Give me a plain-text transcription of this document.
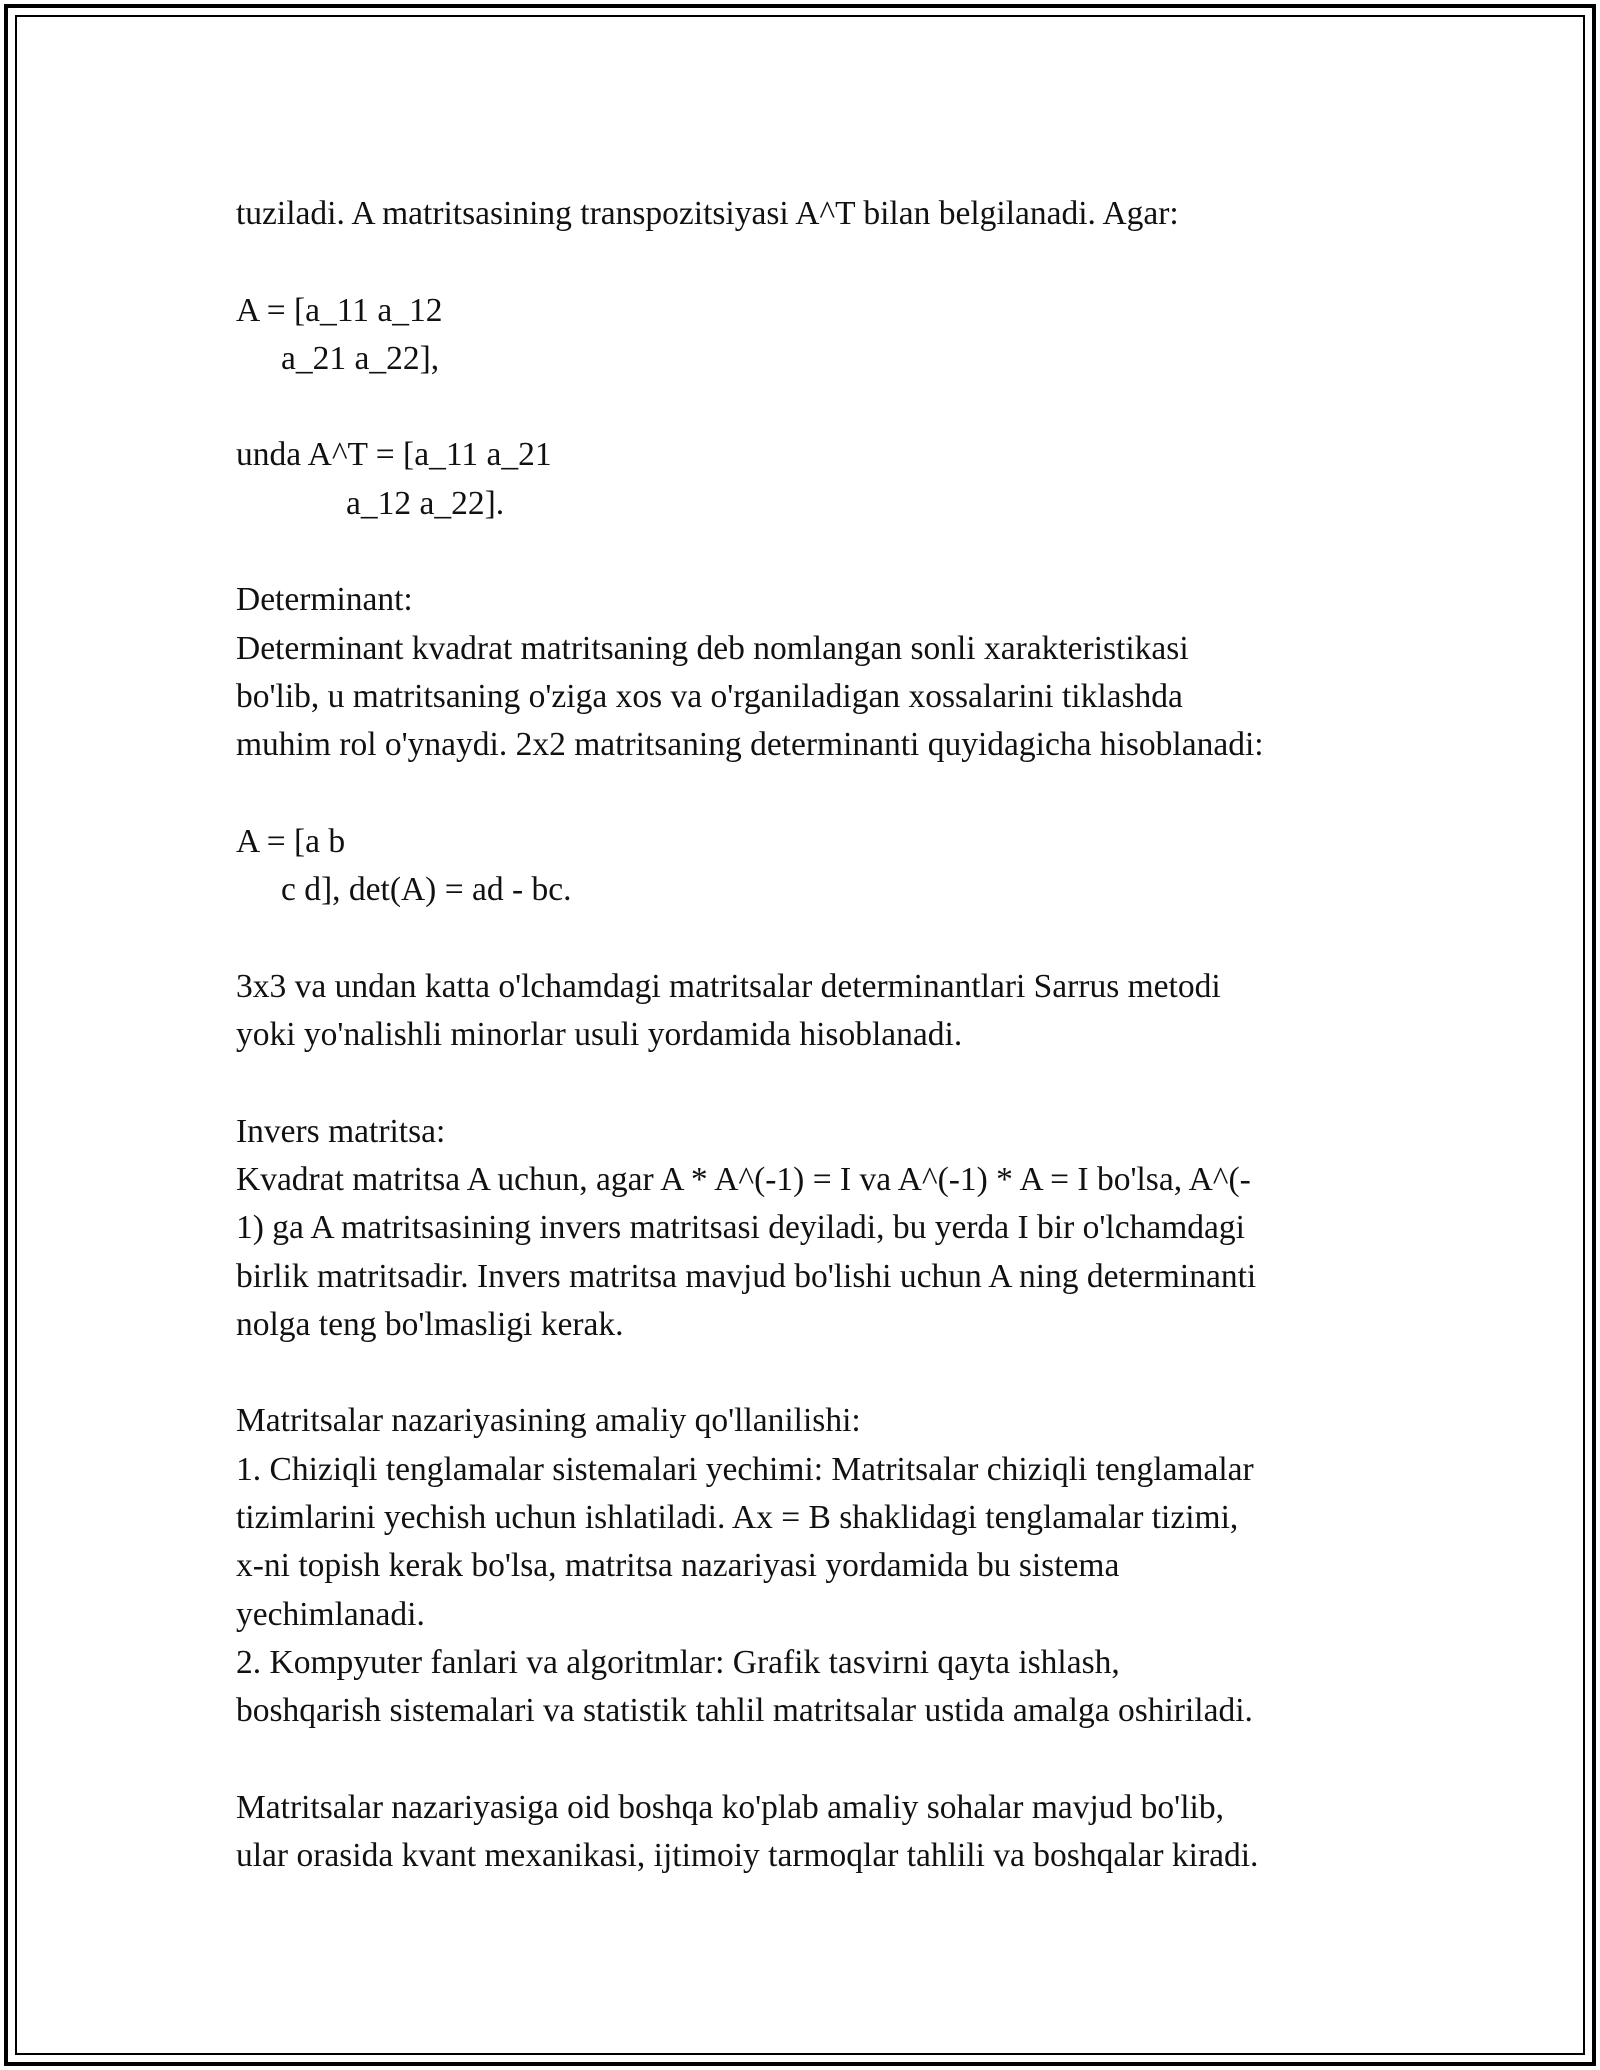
tuziladi. A matritsasining transpozitsiyasi A^T bilan belgilanadi. Agar:
A = [a_11 a_12
a_21 a_22],
unda A^T = [a_11 a_21
a_12 a_22].
Determinant:
Determinant kvadrat matritsaning deb nomlangan sonli xarakteristikasi
bo'lib, u matritsaning o'ziga xos va o'rganiladigan xossalarini tiklashda
muhim rol o'ynaydi. 2x2 matritsaning determinanti quyidagicha hisoblanadi:
A = [a b
c d], det(A) = ad - bc.
3x3 va undan katta o'lchamdagi matritsalar determinantlari Sarrus metodi
yoki yo'nalishli minorlar usuli yordamida hisoblanadi.
Invers matritsa:
Kvadrat matritsa A uchun, agar A * A^(-1) = I va A^(-1) * A = I bo'lsa, A^(-
1) ga A matritsasining invers matritsasi deyiladi, bu yerda I bir o'lchamdagi
birlik matritsadir. Invers matritsa mavjud bo'lishi uchun A ning determinanti
nolga teng bo'lmasligi kerak.
Matritsalar nazariyasining amaliy qo'llanilishi:
1. Chiziqli tenglamalar sistemalari yechimi: Matritsalar chiziqli tenglamalar
tizimlarini yechish uchun ishlatiladi. Ax = B shaklidagi tenglamalar tizimi,
x-ni topish kerak bo'lsa, matritsa nazariyasi yordamida bu sistema
yechimlanadi.
2. Kompyuter fanlari va algoritmlar: Grafik tasvirni qayta ishlash,
boshqarish sistemalari va statistik tahlil matritsalar ustida amalga oshiriladi.
Matritsalar nazariyasiga oid boshqa ko'plab amaliy sohalar mavjud bo'lib,
ular orasida kvant mexanikasi, ijtimoiy tarmoqlar tahlili va boshqalar kiradi.
